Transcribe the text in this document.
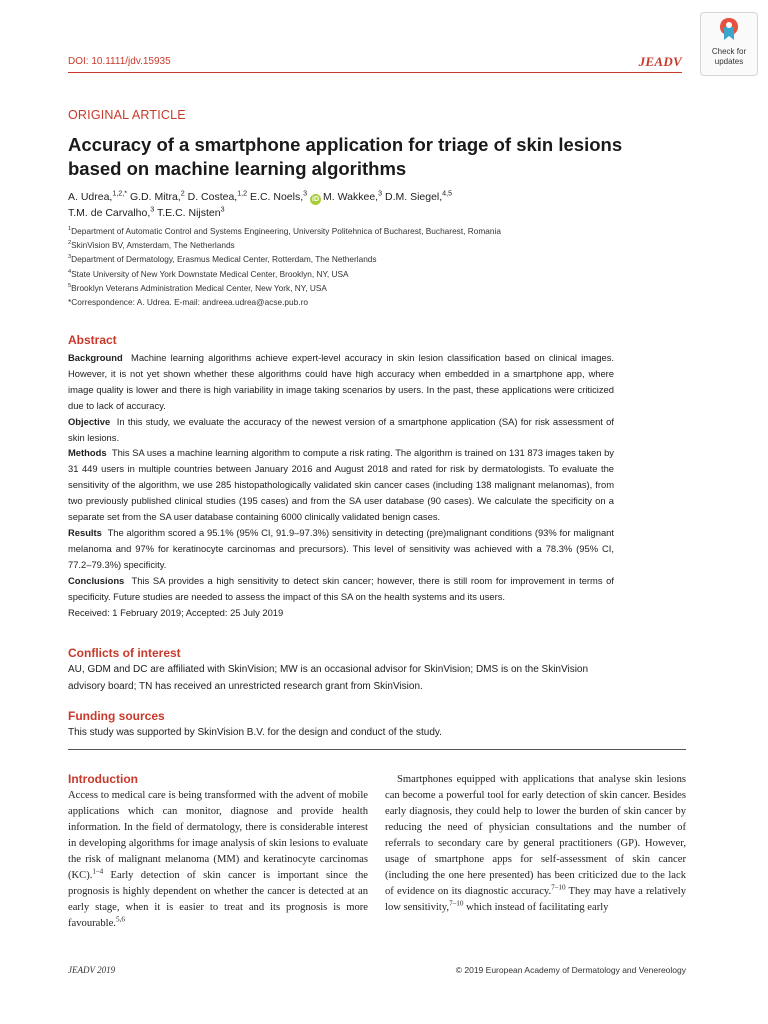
DOI: 10.1111/jdv.15935	JEADV
Check for
updates
ORIGINAL ARTICLE
Accuracy of a smartphone application for triage of skin lesions based on machine learning algorithms
A. Udrea,$^{1,2,*}$ G.D. Mitra,$^2$ D. Costea,$^{1,2}$ E.C. Noels,$^3$ iD M. Wakkee,$^3$ D.M. Siegel,$^{4,5}$
T.M. de Carvalho,$^3$ T.E.C. Nijsten$^3$
$^1$Department of Automatic Control and Systems Engineering, University Politehnica of Bucharest, Bucharest, Romania
$^2$SkinVision BV, Amsterdam, The Netherlands
$^3$Department of Dermatology, Erasmus Medical Center, Rotterdam, The Netherlands
$^4$State University of New York Downstate Medical Center, Brooklyn, NY, USA
$^5$Brooklyn Veterans Administration Medical Center, New York, NY, USA
*Correspondence: A. Udrea. E-mail: andreea.udrea@acse.pub.ro
Abstract

Background Machine learning algorithms achieve expert-level accuracy in skin lesion classification based on clinical images. However, it is not yet shown whether these algorithms could have high accuracy when embedded in a smartphone app, where image quality is lower and there is high variability in image taking scenarios by users. In the past, these applications were criticized due to lack of accuracy.

Objective In this study, we evaluate the accuracy of the newest version of a smartphone application (SA) for risk assessment of skin lesions.

Methods This SA uses a machine learning algorithm to compute a risk rating. The algorithm is trained on 131 873 images taken by 31 449 users in multiple countries between January 2016 and August 2018 and rated for risk by dermatologists. To evaluate the sensitivity of the algorithm, we use 285 histopathologically validated skin cancer cases (including 138 malignant melanomas), from two previously published clinical studies (195 cases) and from the SA user database (90 cases). We calculate the specificity on a separate set from the SA user database containing 6000 clinically validated benign cases.

Results The algorithm scored a 95.1% (95% CI, 91.9–97.3%) sensitivity in detecting (pre)malignant conditions (93% for malignant melanoma and 97% for keratinocyte carcinomas and precursors). This level of sensitivity was achieved with a 78.3% (95% CI, 77.2–79.3%) specificity.

Conclusions This SA provides a high sensitivity to detect skin cancer; however, there is still room for improvement in terms of specificity. Future studies are needed to assess the impact of this SA on the health systems and its users.

Received: 1 February 2019; Accepted: 25 July 2019

Conflicts of interest
AU, GDM and DC are affiliated with SkinVision; MW is an occasional advisor for SkinVision; DMS is on the SkinVision advisory board; TN has received an unrestricted research grant from SkinVision.
Funding sources
This study was supported by SkinVision B.V. for the design and conduct of the study.
Introduction

Access to medical care is being transformed with the advent of mobile applications which can monitor, diagnose and provide health information. In the field of dermatology, there is considerable interest in developing algorithms for image analysis of skin lesions to evaluate the risk of malignant melanoma (MM) and keratinocyte carcinomas (KC).$^{1-4}$ Early detection of skin cancer is important since the prognosis is highly dependent on whether the cancer is detected at an early stage, when it is easier to treat and its prognosis is more favourable.$^{5,6}$

Smartphones equipped with applications that analyse skin lesions can become a powerful tool for early detection of skin cancer. Besides early diagnosis, they could help to lower the burden of skin cancer by reducing the need of physician consultations and the number of referrals to secondary care by general practitioners (GP). However, usage of smartphone apps for self-assessment of skin cancer (including the one here presented) has been criticized due to the lack of evidence on its diagnostic accuracy.$^{7-10}$ They may have a relatively low sensitivity,$^{7-10}$ which instead of facilitating early

JEADV 2019	© 2019 European Academy of Dermatology and Venereology
